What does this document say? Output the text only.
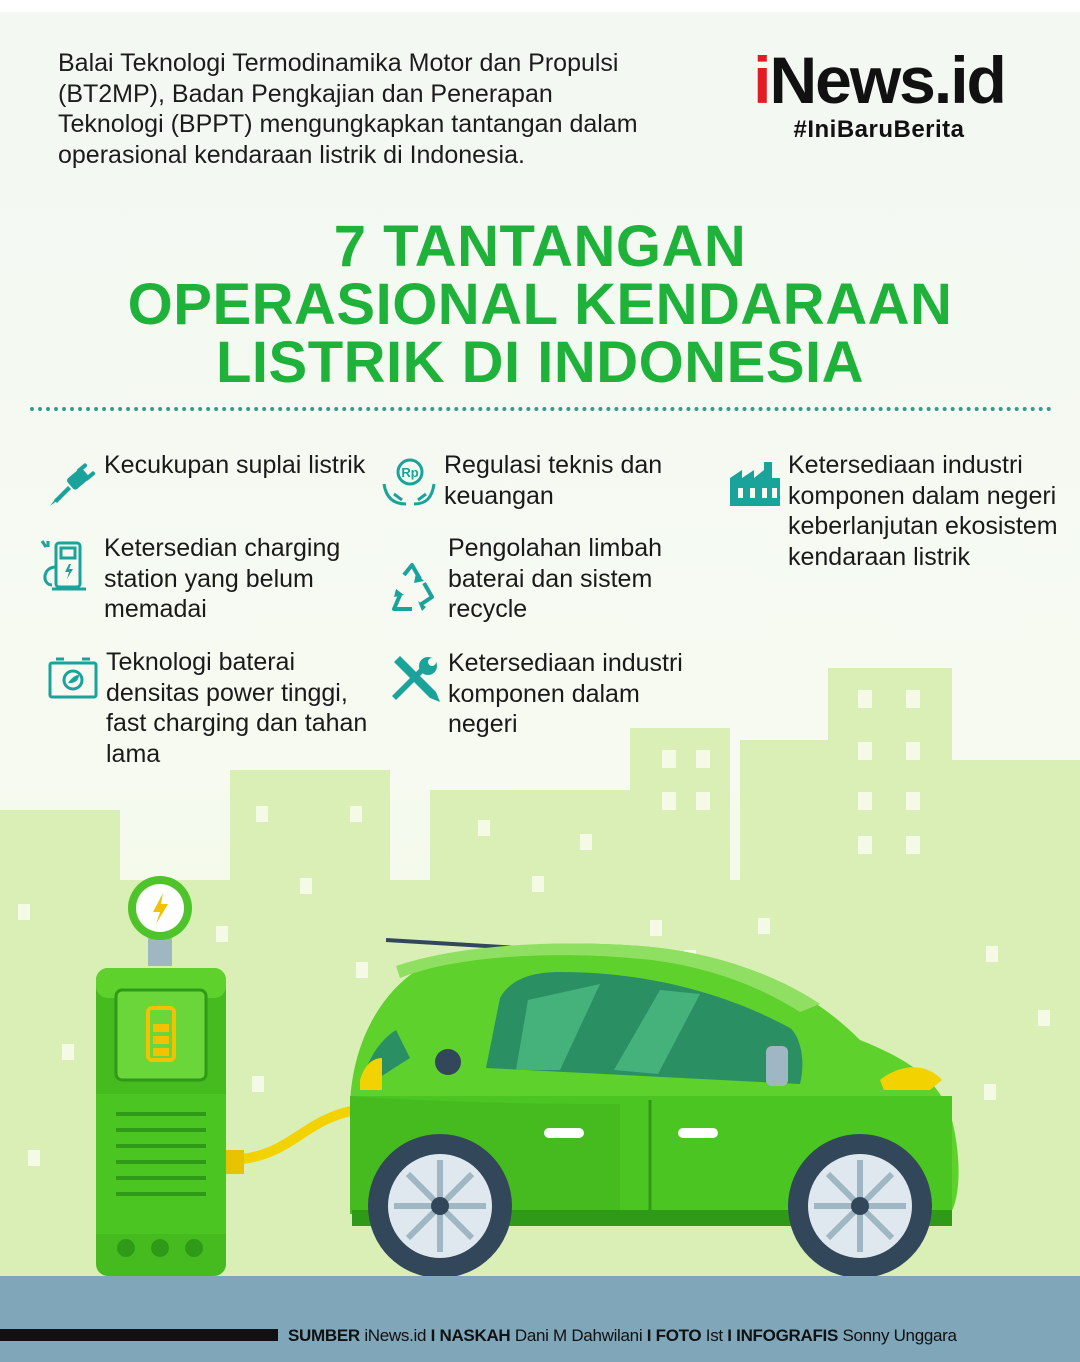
Balai Teknologi Termodinamika Motor dan Propulsi (BT2MP), Badan Pengkajian dan Penerapan Teknologi (BPPT) mengungkapkan tantangan dalam operasional kendaraan listrik di Indonesia.

iNews.id
#IniBaruBerita
7 TANTANGAN
OPERASIONAL KENDARAAN
LISTRIK DI INDONESIA
Kecukupan suplai listrik
Ketersedian charging station yang belum memadai
Teknologi baterai densitas power tinggi, fast charging dan tahan lama
Rp Regulasi teknis dan keuangan
Pengolahan limbah baterai dan sistem recycle
Ketersediaan industri komponen dalam negeri
Ketersediaan industri komponen dalam negeri keberlanjutan ekosistem kendaraan listrik
SUMBER iNews.id I NASKAH Dani M Dahwilani I FOTO Ist I INFOGRAFIS Sonny Unggara
